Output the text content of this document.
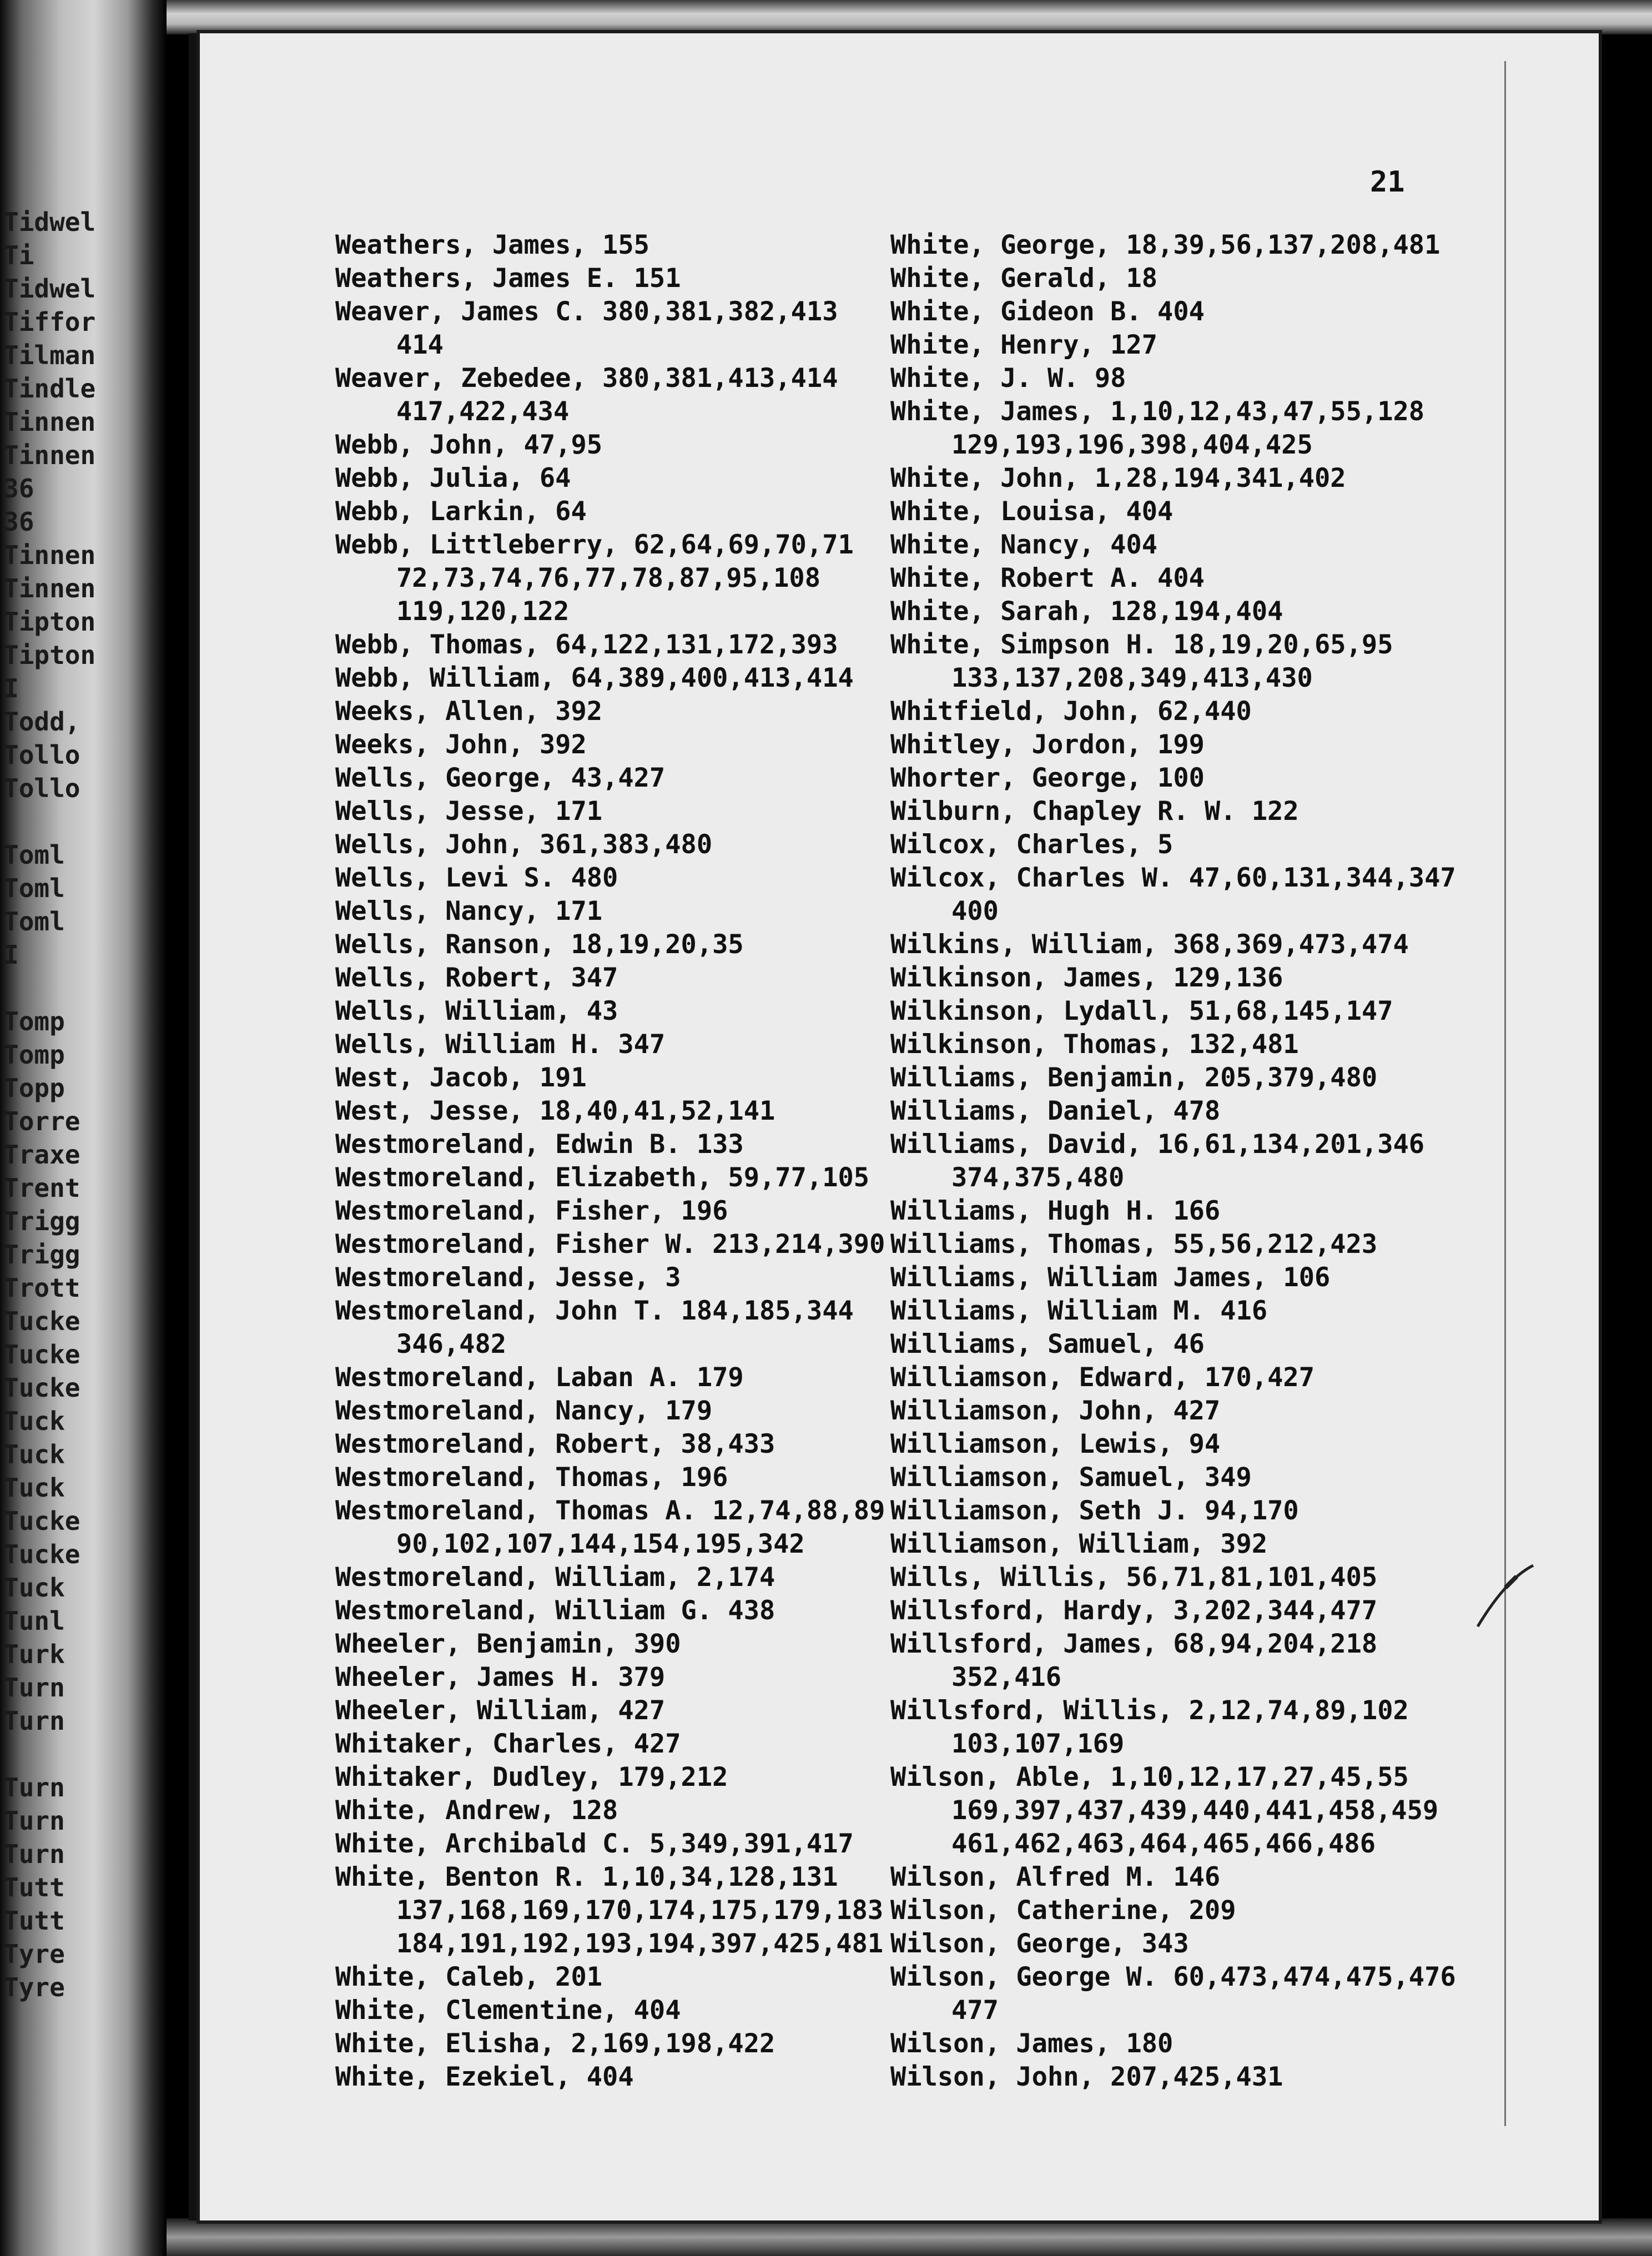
Tidwel
Ti
Tidwel
Tiffor
Tilman
Tindle
Tinnen
Tinnen
36
36
Tinnen
Tinnen
Tipton
Tipton
I
Todd,
Tollo
Tollo
Toml
Toml
Toml
I
Tomp
Tomp
Topp
Torre
Traxe
Trent
Trigg
Trigg
Trott
Tucke
Tucke
Tucke
Tuck
Tuck
Tuck
Tucke
Tucke
Tuck
Tunl
Turk
Turn
Turn
Turn
Turn
Turn
Tutt
Tutt
Tyre
Tyre
21
Weathers, James, 155
Weathers, James E. 151
Weaver, James C. 380,381,382,413
414
Weaver, Zebedee, 380,381,413,414
417,422,434
Webb, John, 47,95
Webb, Julia, 64
Webb, Larkin, 64
Webb, Littleberry, 62,64,69,70,71
72,73,74,76,77,78,87,95,108
119,120,122
Webb, Thomas, 64,122,131,172,393
Webb, William, 64,389,400,413,414
Weeks, Allen, 392
Weeks, John, 392
Wells, George, 43,427
Wells, Jesse, 171
Wells, John, 361,383,480
Wells, Levi S. 480
Wells, Nancy, 171
Wells, Ranson, 18,19,20,35
Wells, Robert, 347
Wells, William, 43
Wells, William H. 347
West, Jacob, 191
West, Jesse, 18,40,41,52,141
Westmoreland, Edwin B. 133
Westmoreland, Elizabeth, 59,77,105
Westmoreland, Fisher, 196
Westmoreland, Fisher W. 213,214,390
Westmoreland, Jesse, 3
Westmoreland, John T. 184,185,344
346,482
Westmoreland, Laban A. 179
Westmoreland, Nancy, 179
Westmoreland, Robert, 38,433
Westmoreland, Thomas, 196
Westmoreland, Thomas A. 12,74,88,89
90,102,107,144,154,195,342
Westmoreland, William, 2,174
Westmoreland, William G. 438
Wheeler, Benjamin, 390
Wheeler, James H. 379
Wheeler, William, 427
Whitaker, Charles, 427
Whitaker, Dudley, 179,212
White, Andrew, 128
White, Archibald C. 5,349,391,417
White, Benton R. 1,10,34,128,131
137,168,169,170,174,175,179,183
184,191,192,193,194,397,425,481
White, Caleb, 201
White, Clementine, 404
White, Elisha, 2,169,198,422
White, Ezekiel, 404
White, George, 18,39,56,137,208,481
White, Gerald, 18
White, Gideon B. 404
White, Henry, 127
White, J. W. 98
White, James, 1,10,12,43,47,55,128
129,193,196,398,404,425
White, John, 1,28,194,341,402
White, Louisa, 404
White, Nancy, 404
White, Robert A. 404
White, Sarah, 128,194,404
White, Simpson H. 18,19,20,65,95
133,137,208,349,413,430
Whitfield, John, 62,440
Whitley, Jordon, 199
Whorter, George, 100
Wilburn, Chapley R. W. 122
Wilcox, Charles, 5
Wilcox, Charles W. 47,60,131,344,347
400
Wilkins, William, 368,369,473,474
Wilkinson, James, 129,136
Wilkinson, Lydall, 51,68,145,147
Wilkinson, Thomas, 132,481
Williams, Benjamin, 205,379,480
Williams, Daniel, 478
Williams, David, 16,61,134,201,346
374,375,480
Williams, Hugh H. 166
Williams, Thomas, 55,56,212,423
Williams, William James, 106
Williams, William M. 416
Williams, Samuel, 46
Williamson, Edward, 170,427
Williamson, John, 427
Williamson, Lewis, 94
Williamson, Samuel, 349
Williamson, Seth J. 94,170
Williamson, William, 392
Wills, Willis, 56,71,81,101,405
Willsford, Hardy, 3,202,344,477
Willsford, James, 68,94,204,218
352,416
Willsford, Willis, 2,12,74,89,102
103,107,169
Wilson, Able, 1,10,12,17,27,45,55
169,397,437,439,440,441,458,459
461,462,463,464,465,466,486
Wilson, Alfred M. 146
Wilson, Catherine, 209
Wilson, George, 343
Wilson, George W. 60,473,474,475,476
477
Wilson, James, 180
Wilson, John, 207,425,431
